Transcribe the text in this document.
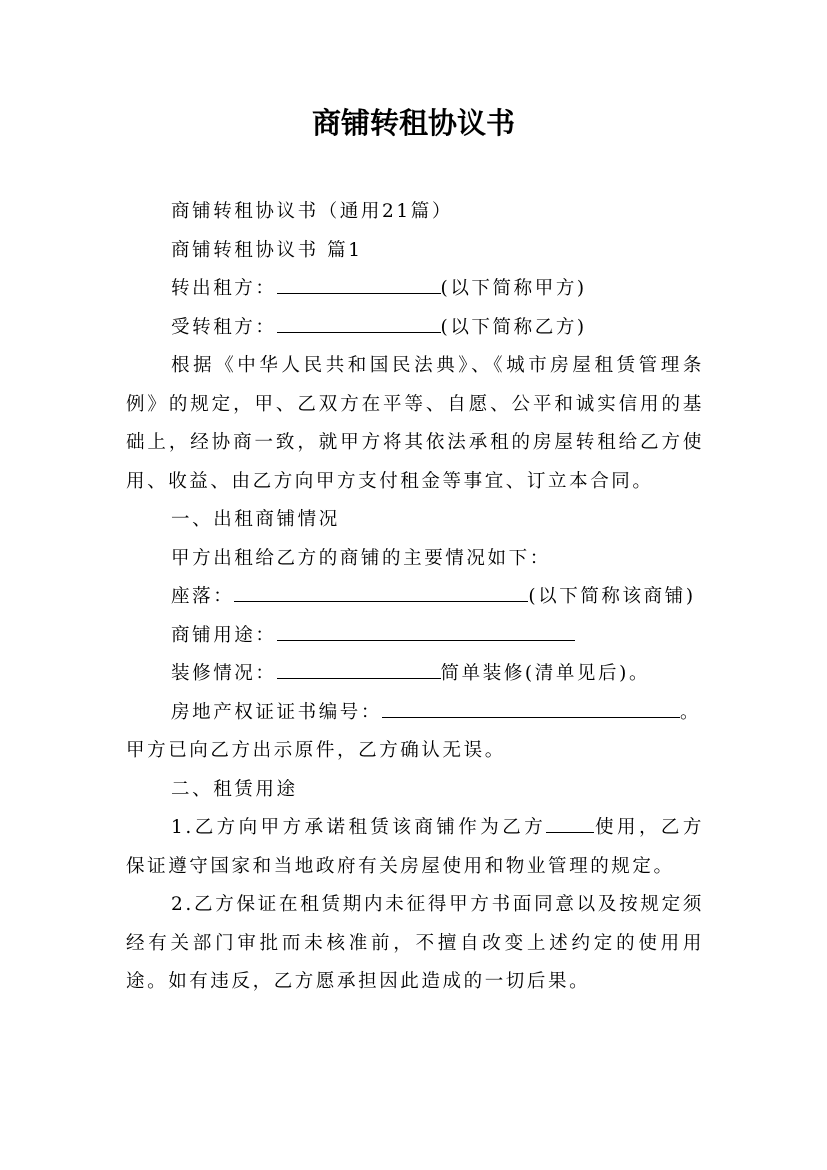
商铺转租协议书

商铺转租协议书（通用21篇）

商铺转租协议书 篇1

转出租方：	(以下简称甲方)

受转租方：	(以下简称乙方)

根据《中华人民共和国民法典》、《城市房屋租赁管理条例》的规定，甲、乙双方在平等、自愿、公平和诚实信用的基础上，经协商一致，就甲方将其依法承租的房屋转租给乙方使用、收益、由乙方向甲方支付租金等事宜、订立本合同。

一、出租商铺情况

甲方出租给乙方的商铺的主要情况如下：

座落：	(以下简称该商铺)

商铺用途：

装修情况：	简单装修(清单见后)。

房地产权证证书编号：	。甲方已向乙方出示原件，乙方确认无误。

二、租赁用途

1.乙方向甲方承诺租赁该商铺作为乙方	使用，乙方保证遵守国家和当地政府有关房屋使用和物业管理的规定。

2.乙方保证在租赁期内未征得甲方书面同意以及按规定须经有关部门审批而未核准前，不擅自改变上述约定的使用用途。如有违反，乙方愿承担因此造成的一切后果。
